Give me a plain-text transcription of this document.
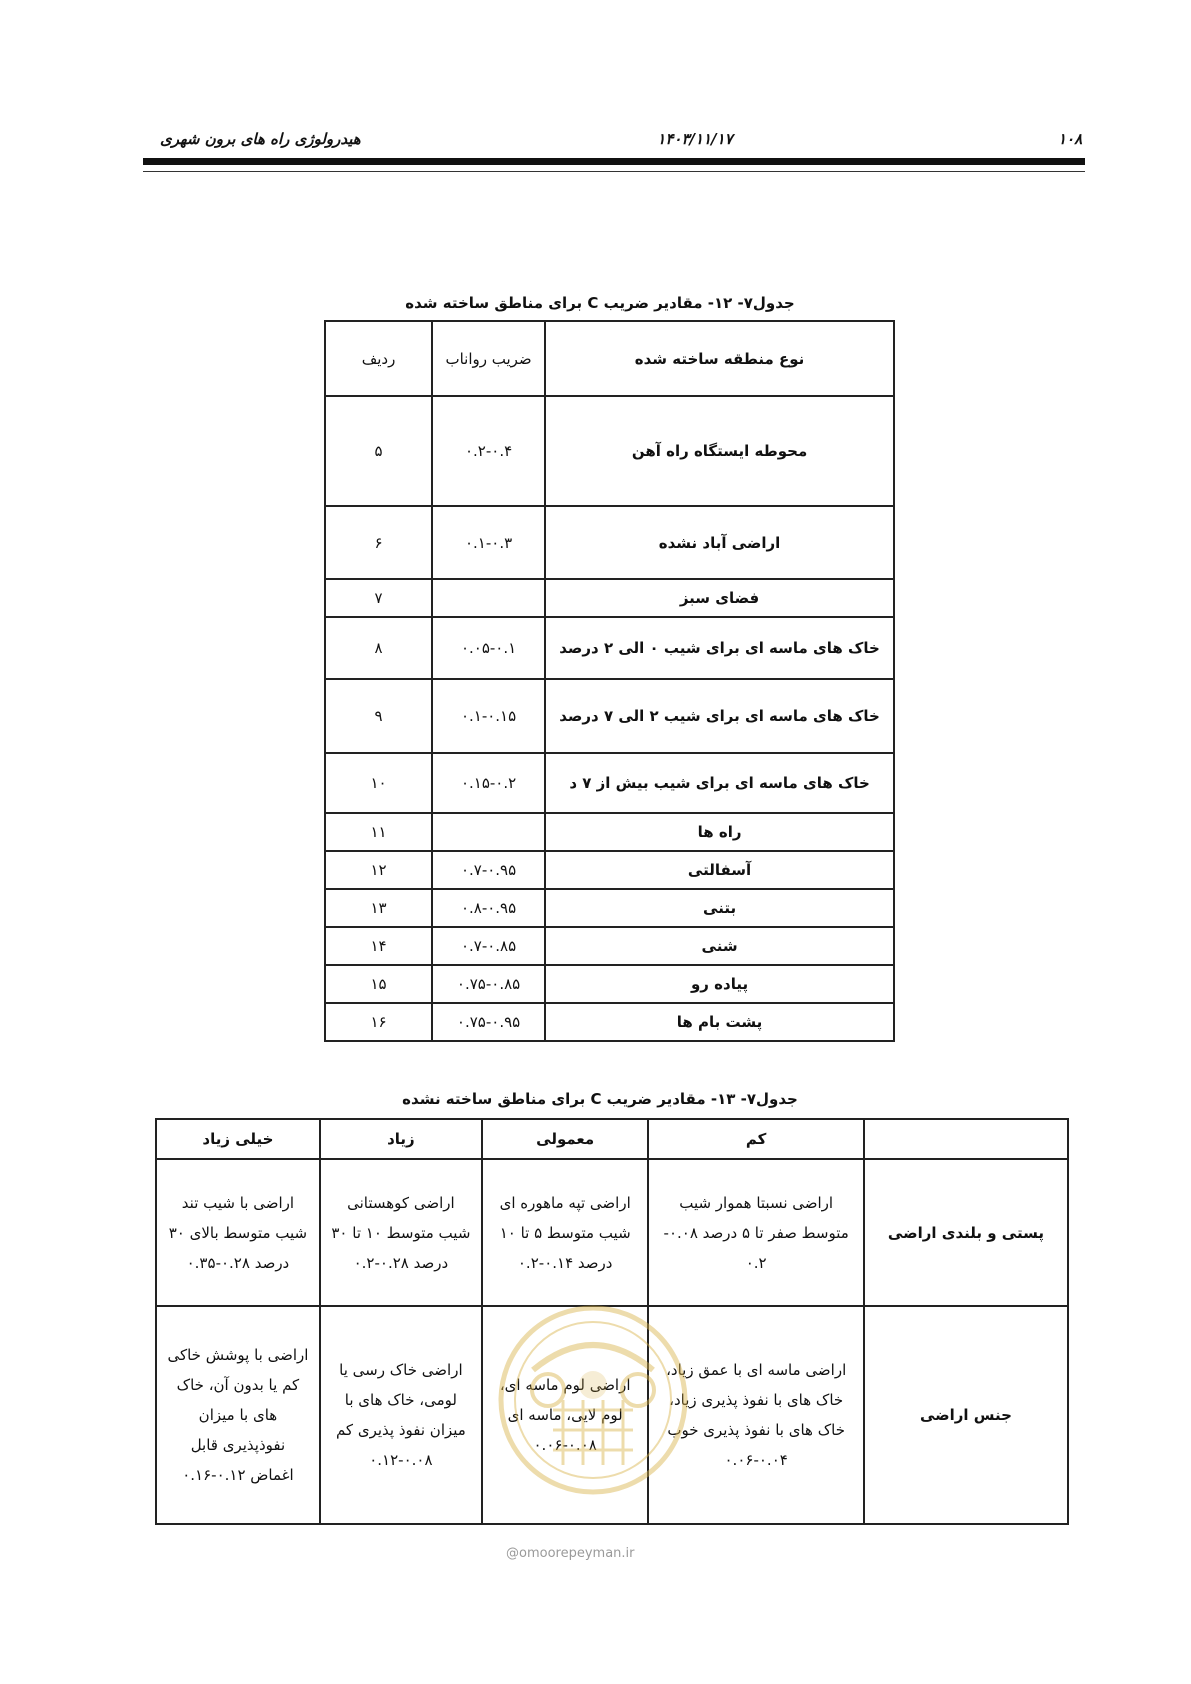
۱۰۸
۱۴۰۳/۱۱/۱۷
هیدرولوژی راه های برون شهری
جدول۷- ۱۲- مقادیر ضریب C برای مناطق ساخته شده
نوع منطقه ساخته شده	ضریب رواناب	ردیف
محوطه ایستگاه راه آهن	۰.۲-۰.۴	۵
اراضی آباد نشده	۰.۱-۰.۳	۶
فضای سبز		۷
خاک های ماسه ای برای شیب ۰ الی ۲ درصد	۰.۰۵-۰.۱	۸
خاک های ماسه ای برای شیب ۲ الی ۷ درصد	۰.۱-۰.۱۵	۹
خاک های ماسه ای برای شیب بیش از ۷ د	۰.۱۵-۰.۲	۱۰
راه ها		۱۱
آسفالتی	۰.۷-۰.۹۵	۱۲
بتنی	۰.۸-۰.۹۵	۱۳
شنی	۰.۷-۰.۸۵	۱۴
پیاده رو	۰.۷۵-۰.۸۵	۱۵
پشت بام ها	۰.۷۵-۰.۹۵	۱۶
جدول۷- ۱۳- مقادیر ضریب C برای مناطق ساخته نشده
	کم	معمولی	زیاد	خیلی زیاد
پستی و بلندی اراضی	اراضی نسبتا هموار شیب متوسط صفر تا ۵ درصد ۰.۰۸- ۰.۲	اراضی تپه ماهوره ای شیب متوسط ۵ تا ۱۰ درصد ۰.۱۴-۰.۲	اراضی کوهستانی شیب متوسط ۱۰ تا ۳۰ درصد ۰.۲۸-۰.۲	اراضی با شیب تند شیب متوسط بالای ۳۰ درصد ۰.۲۸-۰.۳۵
جنس اراضی	اراضی ماسه ای با عمق زیاد، خاک های با نفوذ پذیری زیاد، خاک های با نفوذ پذیری خوب ۰.۰۴-۰.۰۶	اراضی لوم ماسه ای، لوم لایی، ماسه ای ۰.۰۸-۰.۰۶	اراضی خاک رسی یا لومی، خاک های با میزان نفوذ پذیری کم ۰.۰۸-۰.۱۲	اراضی با پوشش خاکی کم یا بدون آن، خاک های با میزان نفوذپذیری قابل اغماض ۰.۱۲-۰.۱۶
@omoorepeyman.ir
